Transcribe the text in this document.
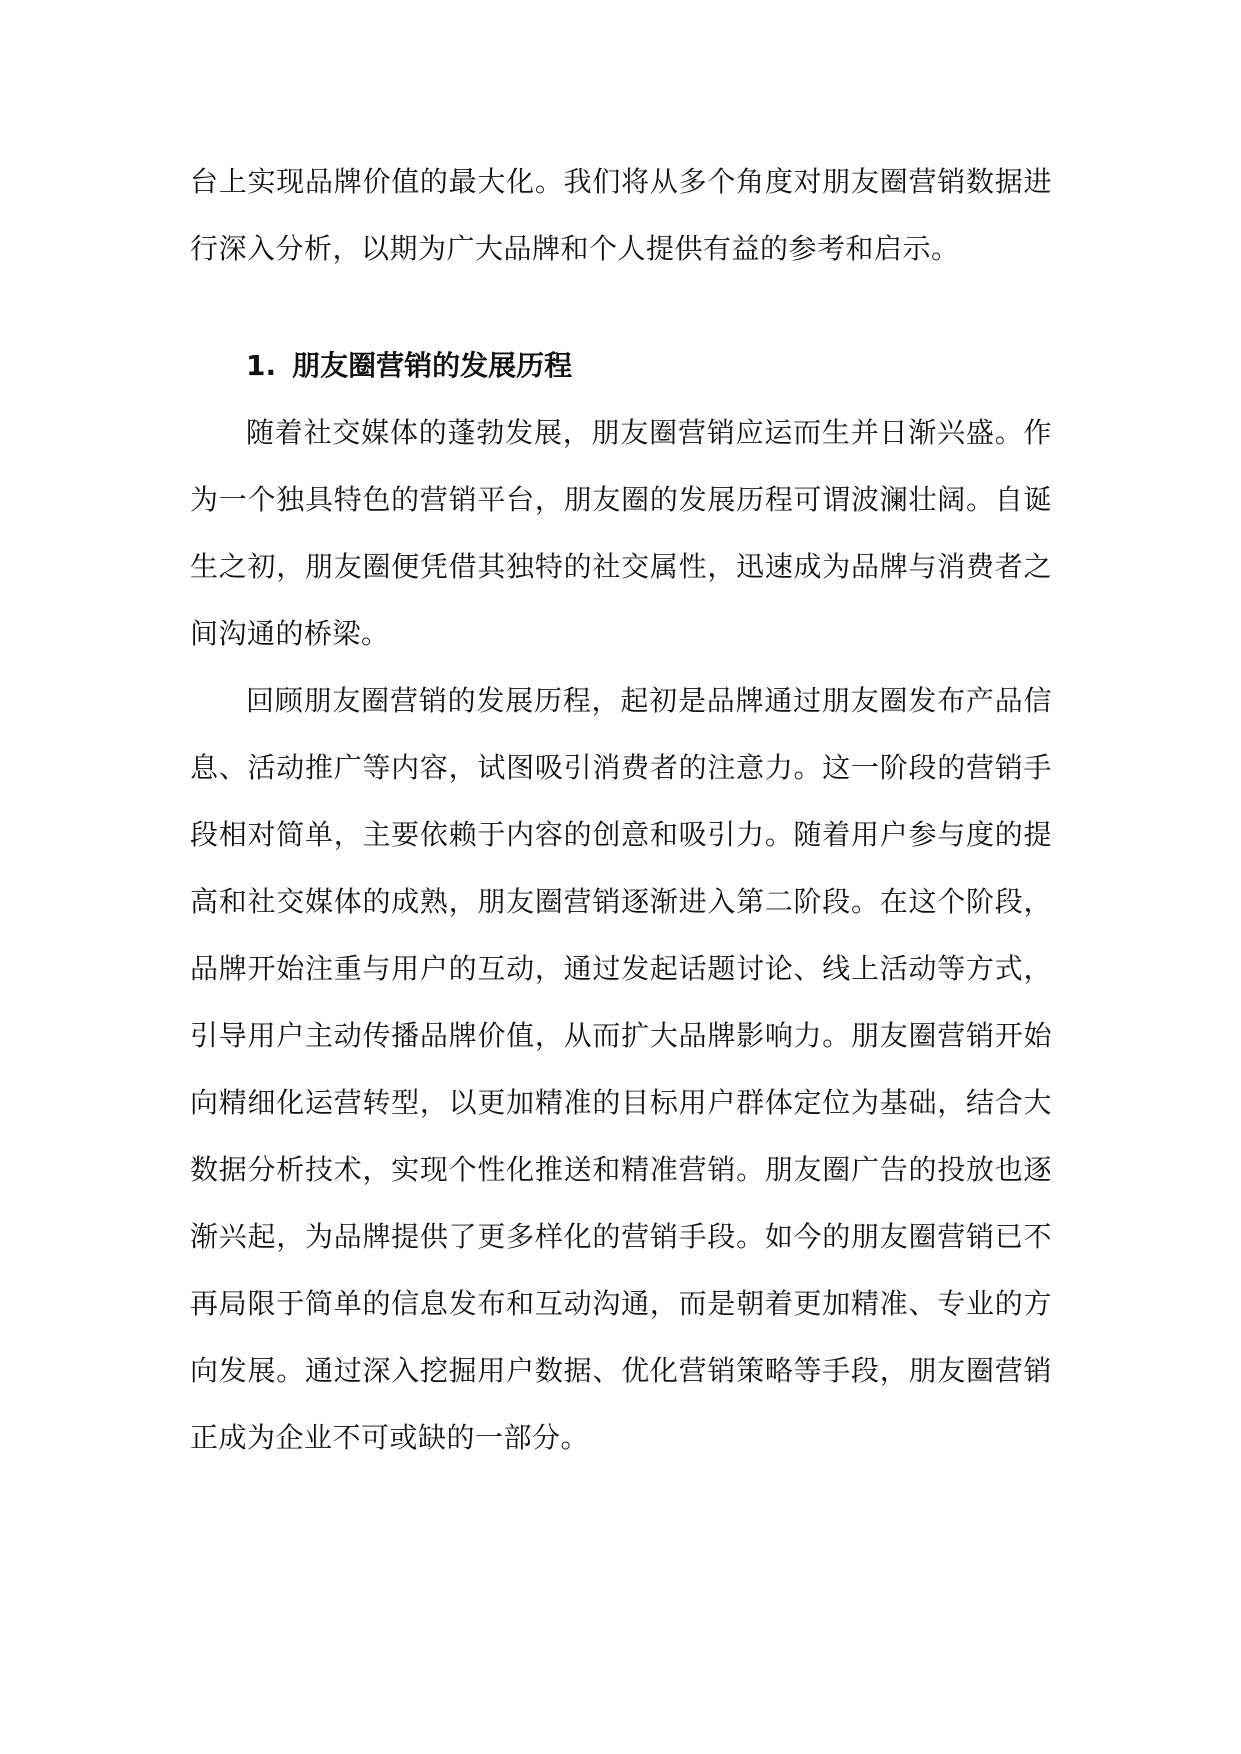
台上实现品牌价值的最大化。我们将从多个角度对朋友圈营销数据进行深入分析，以期为广大品牌和个人提供有益的参考和启示。

1. 朋友圈营销的发展历程

随着社交媒体的蓬勃发展，朋友圈营销应运而生并日渐兴盛。作为一个独具特色的营销平台，朋友圈的发展历程可谓波澜壮阔。自诞生之初，朋友圈便凭借其独特的社交属性，迅速成为品牌与消费者之间沟通的桥梁。

回顾朋友圈营销的发展历程，起初是品牌通过朋友圈发布产品信息、活动推广等内容，试图吸引消费者的注意力。这一阶段的营销手段相对简单，主要依赖于内容的创意和吸引力。随着用户参与度的提高和社交媒体的成熟，朋友圈营销逐渐进入第二阶段。在这个阶段，品牌开始注重与用户的互动，通过发起话题讨论、线上活动等方式，引导用户主动传播品牌价值，从而扩大品牌影响力。朋友圈营销开始向精细化运营转型，以更加精准的目标用户群体定位为基础，结合大数据分析技术，实现个性化推送和精准营销。朋友圈广告的投放也逐渐兴起，为品牌提供了更多样化的营销手段。如今的朋友圈营销已不再局限于简单的信息发布和互动沟通，而是朝着更加精准、专业的方向发展。通过深入挖掘用户数据、优化营销策略等手段，朋友圈营销正成为企业不可或缺的一部分。
